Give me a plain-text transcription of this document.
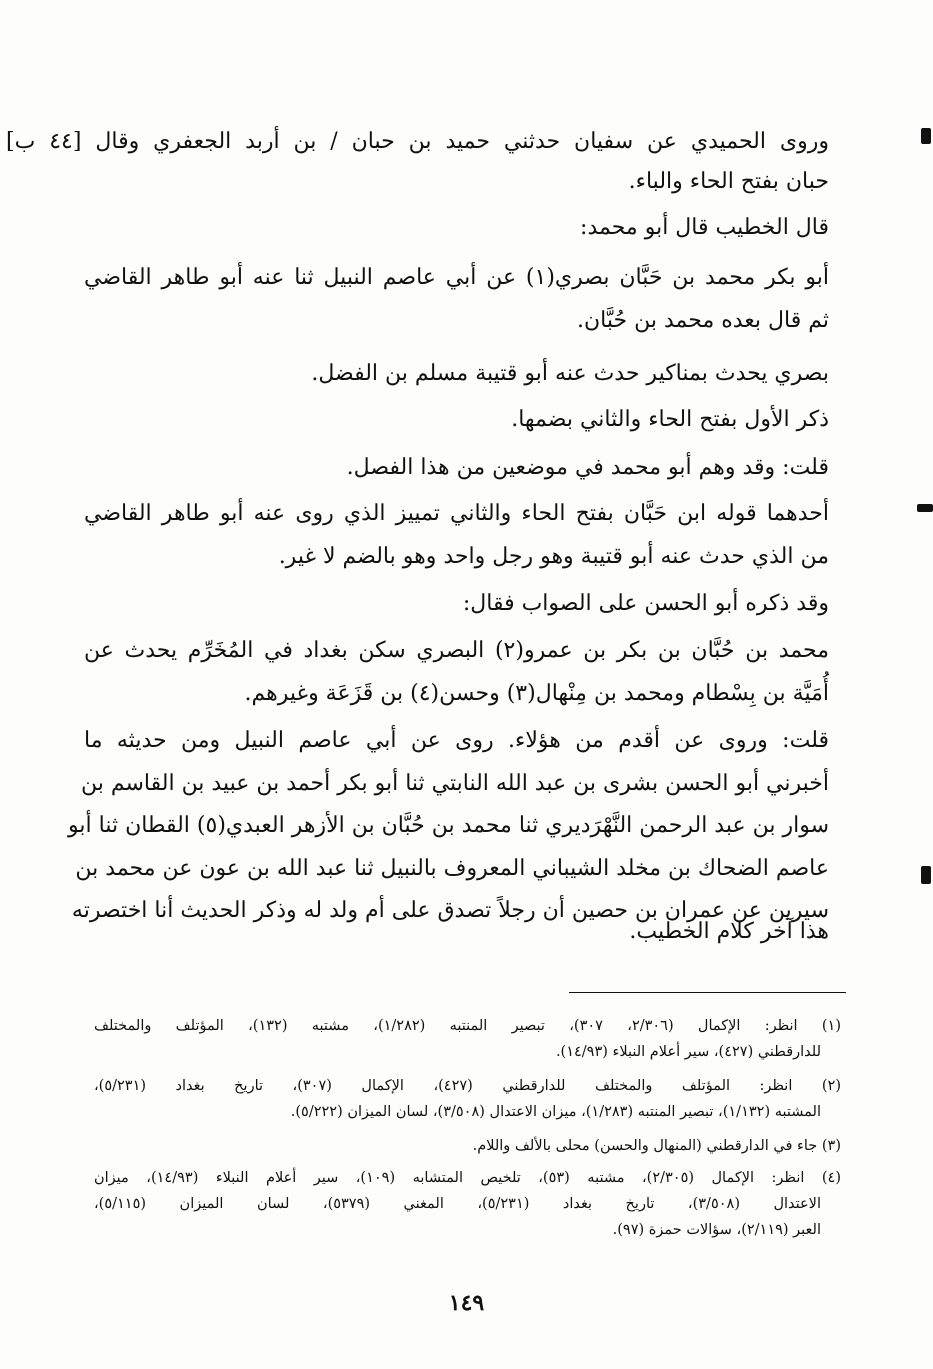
وروى الحميدي عن سفيان حدثني حميد بن حبان / بن أربد الجعفري وقال [٤٤ ب]
حبان بفتح الحاء والباء.
قال الخطيب قال أبو محمد:
أبو بكر محمد بن حَبَّان بصري(١) عن أبي عاصم النبيل ثنا عنه أبو طاهر القاضي
ثم قال بعده محمد بن حُبَّان.
بصري يحدث بمناكير حدث عنه أبو قتيبة مسلم بن الفضل.
ذكر الأول بفتح الحاء والثاني بضمها.
قلت: وقد وهم أبو محمد في موضعين من هذا الفصل.
أحدهما قوله ابن حَبَّان بفتح الحاء والثاني تمييز الذي روى عنه أبو طاهر القاضي
من الذي حدث عنه أبو قتيبة وهو رجل واحد وهو بالضم لا غير.
وقد ذكره أبو الحسن على الصواب فقال:
محمد بن حُبَّان بن بكر بن عمرو(٢) البصري سكن بغداد في المُخَرِّم يحدث عن
أُمَيَّة بن بِسْطام ومحمد بن مِنْهال(٣) وحسن(٤) بن قَزَعَة وغيرهم.
قلت: وروى عن أقدم من هؤلاء. روى عن أبي عاصم النبيل ومن حديثه ما
أخبرني أبو الحسن بشرى بن عبد الله النابتي ثنا أبو بكر أحمد بن عبيد بن القاسم بن
سوار بن عبد الرحمن النَّهْرَديري ثنا محمد بن حُبَّان بن الأزهر العبدي(٥) القطان ثنا أبو
عاصم الضحاك بن مخلد الشيباني المعروف بالنبيل ثنا عبد الله بن عون عن محمد بن
سيرين عن عمران بن حصين أن رجلاً تصدق على أم ولد له وذكر الحديث أنا اختصرته
هذا آخر كلام الخطيب.
(١) انظر: الإكمال (٢/٣٠٦، ٣٠٧)، تبصير المنتبه (١/٢٨٢)، مشتبه (١٣٢)، المؤتلف والمختلف
للدارقطني (٤٢٧)، سير أعلام النبلاء (١٤/٩٣).
(٢) انظر: المؤتلف والمختلف للدارقطني (٤٢٧)، الإكمال (٣٠٧)، تاريخ بغداد (٥/٢٣١)،
المشتبه (١/١٣٢)، تبصير المنتبه (١/٢٨٣)، ميزان الاعتدال (٣/٥٠٨)، لسان الميزان (٥/٢٢٢).
(٣) جاء في الدارقطني (المنهال والحسن) محلى بالألف واللام.
(٤) انظر: الإكمال (٢/٣٠٥)، مشتبه (٥٣)، تلخيص المتشابه (١٠٩)، سير أعلام النبلاء (١٤/٩٣)، ميزان
الاعتدال (٣/٥٠٨)، تاريخ بغداد (٥/٢٣١)، المغني (٥٣٧٩)، لسان الميزان (٥/١١٥)،
العبر (٢/١١٩)، سؤالات حمزة (٩٧).
١٤٩
